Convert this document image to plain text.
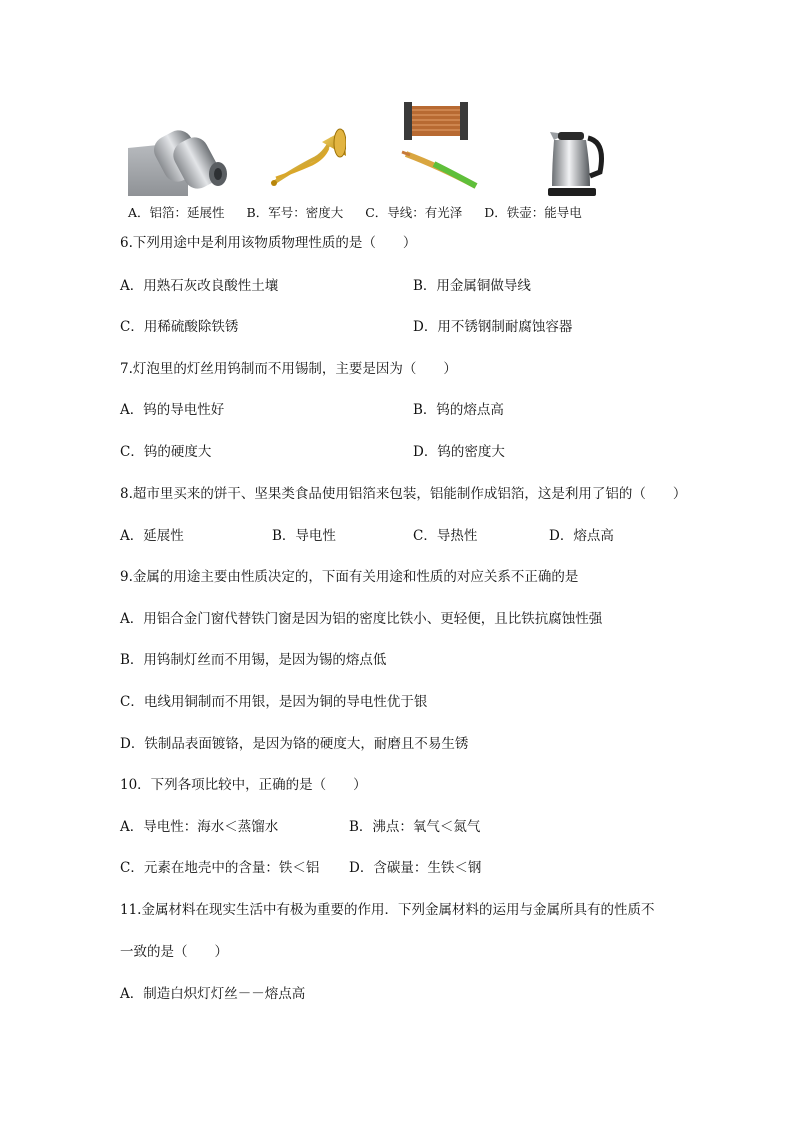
A．铝箔：延展性 B．军号：密度大 C．导线：有光泽 D．铁壶：能导电
6.下列用途中是利用该物质物理性质的是（　　）
A．用熟石灰改良酸性土壤	B．用金属铜做导线
C．用稀硫酸除铁锈	D．用不锈钢制耐腐蚀容器
7.灯泡里的灯丝用钨制而不用锡制，主要是因为（　　）
A．钨的导电性好	B．钨的熔点高
C．钨的硬度大	D．钨的密度大
8.超市里买来的饼干、坚果类食品使用铝箔来包装，铝能制作成铝箔，这是利用了铝的（　　）
A．延展性	B．导电性	C．导热性	D．熔点高
9.金属的用途主要由性质决定的，下面有关用途和性质的对应关系不正确的是
A．用铝合金门窗代替铁门窗是因为铝的密度比铁小、更轻便，且比铁抗腐蚀性强
B．用钨制灯丝而不用锡，是因为锡的熔点低
C．电线用铜制而不用银，是因为铜的导电性优于银
D．铁制品表面镀铬，是因为铬的硬度大，耐磨且不易生锈
10．下列各项比较中，正确的是（　　）
A．导电性：海水＜蒸馏水	B．沸点：氧气＜氮气
C．元素在地壳中的含量：铁＜铝 D．含碳量：生铁＜钢
11.金属材料在现实生活中有极为重要的作用．下列金属材料的运用与金属所具有的性质不
一致的是（　　）
A．制造白炽灯灯丝－－熔点高
